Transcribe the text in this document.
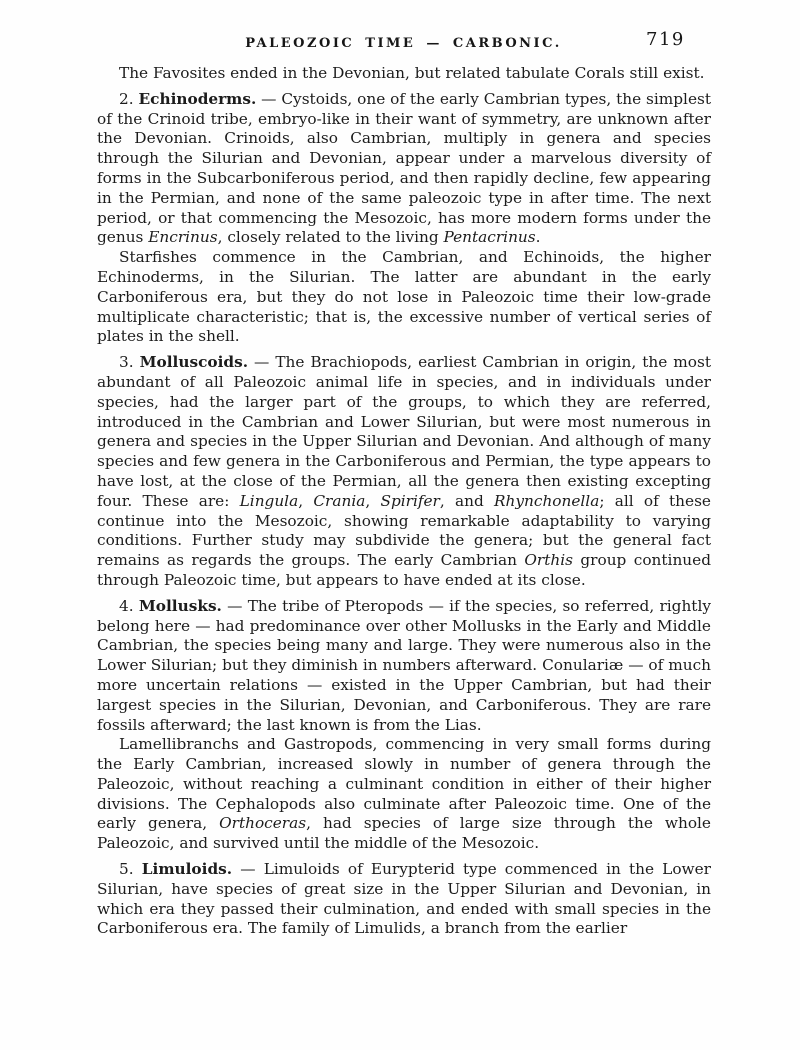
PALEOZOIC TIME — CARBONIC.	719

The Favosites ended in the Devonian, but related tabulate Corals still exist.

2. Echinoderms. — Cystoids, one of the early Cambrian types, the simplest of the Crinoid tribe, embryo-like in their want of symmetry, are unknown after the Devonian. Crinoids, also Cambrian, multiply in genera and species through the Silurian and Devonian, appear under a marvelous diversity of forms in the Subcarboniferous period, and then rapidly decline, few appearing in the Permian, and none of the same paleozoic type in after time. The next period, or that commencing the Mesozoic, has more modern forms under the genus Encrinus, closely related to the living Pentacrinus.

Starfishes commence in the Cambrian, and Echinoids, the higher Echinoderms, in the Silurian. The latter are abundant in the early Carboniferous era, but they do not lose in Paleozoic time their low-grade multiplicate characteristic; that is, the excessive number of vertical series of plates in the shell.

3. Molluscoids. — The Brachiopods, earliest Cambrian in origin, the most abundant of all Paleozoic animal life in species, and in individuals under species, had the larger part of the groups, to which they are referred, introduced in the Cambrian and Lower Silurian, but were most numerous in genera and species in the Upper Silurian and Devonian. And although of many species and few genera in the Carboniferous and Permian, the type appears to have lost, at the close of the Permian, all the genera then existing excepting four. These are: Lingula, Crania, Spirifer, and Rhynchonella; all of these continue into the Mesozoic, showing remarkable adaptability to varying conditions. Further study may subdivide the genera; but the general fact remains as regards the groups. The early Cambrian Orthis group continued through Paleozoic time, but appears to have ended at its close.

4. Mollusks. — The tribe of Pteropods — if the species, so referred, rightly belong here — had predominance over other Mollusks in the Early and Middle Cambrian, the species being many and large. They were numerous also in the Lower Silurian; but they diminish in numbers afterward. Conulariæ — of much more uncertain relations — existed in the Upper Cambrian, but had their largest species in the Silurian, Devonian, and Carboniferous. They are rare fossils afterward; the last known is from the Lias.

Lamellibranchs and Gastropods, commencing in very small forms during the Early Cambrian, increased slowly in number of genera through the Paleozoic, without reaching a culminant condition in either of their higher divisions. The Cephalopods also culminate after Paleozoic time. One of the early genera, Orthoceras, had species of large size through the whole Paleozoic, and survived until the middle of the Mesozoic.

5. Limuloids. — Limuloids of Eurypterid type commenced in the Lower Silurian, have species of great size in the Upper Silurian and Devonian, in which era they passed their culmination, and ended with small species in the Carboniferous era. The family of Limulids, a branch from the earlier
